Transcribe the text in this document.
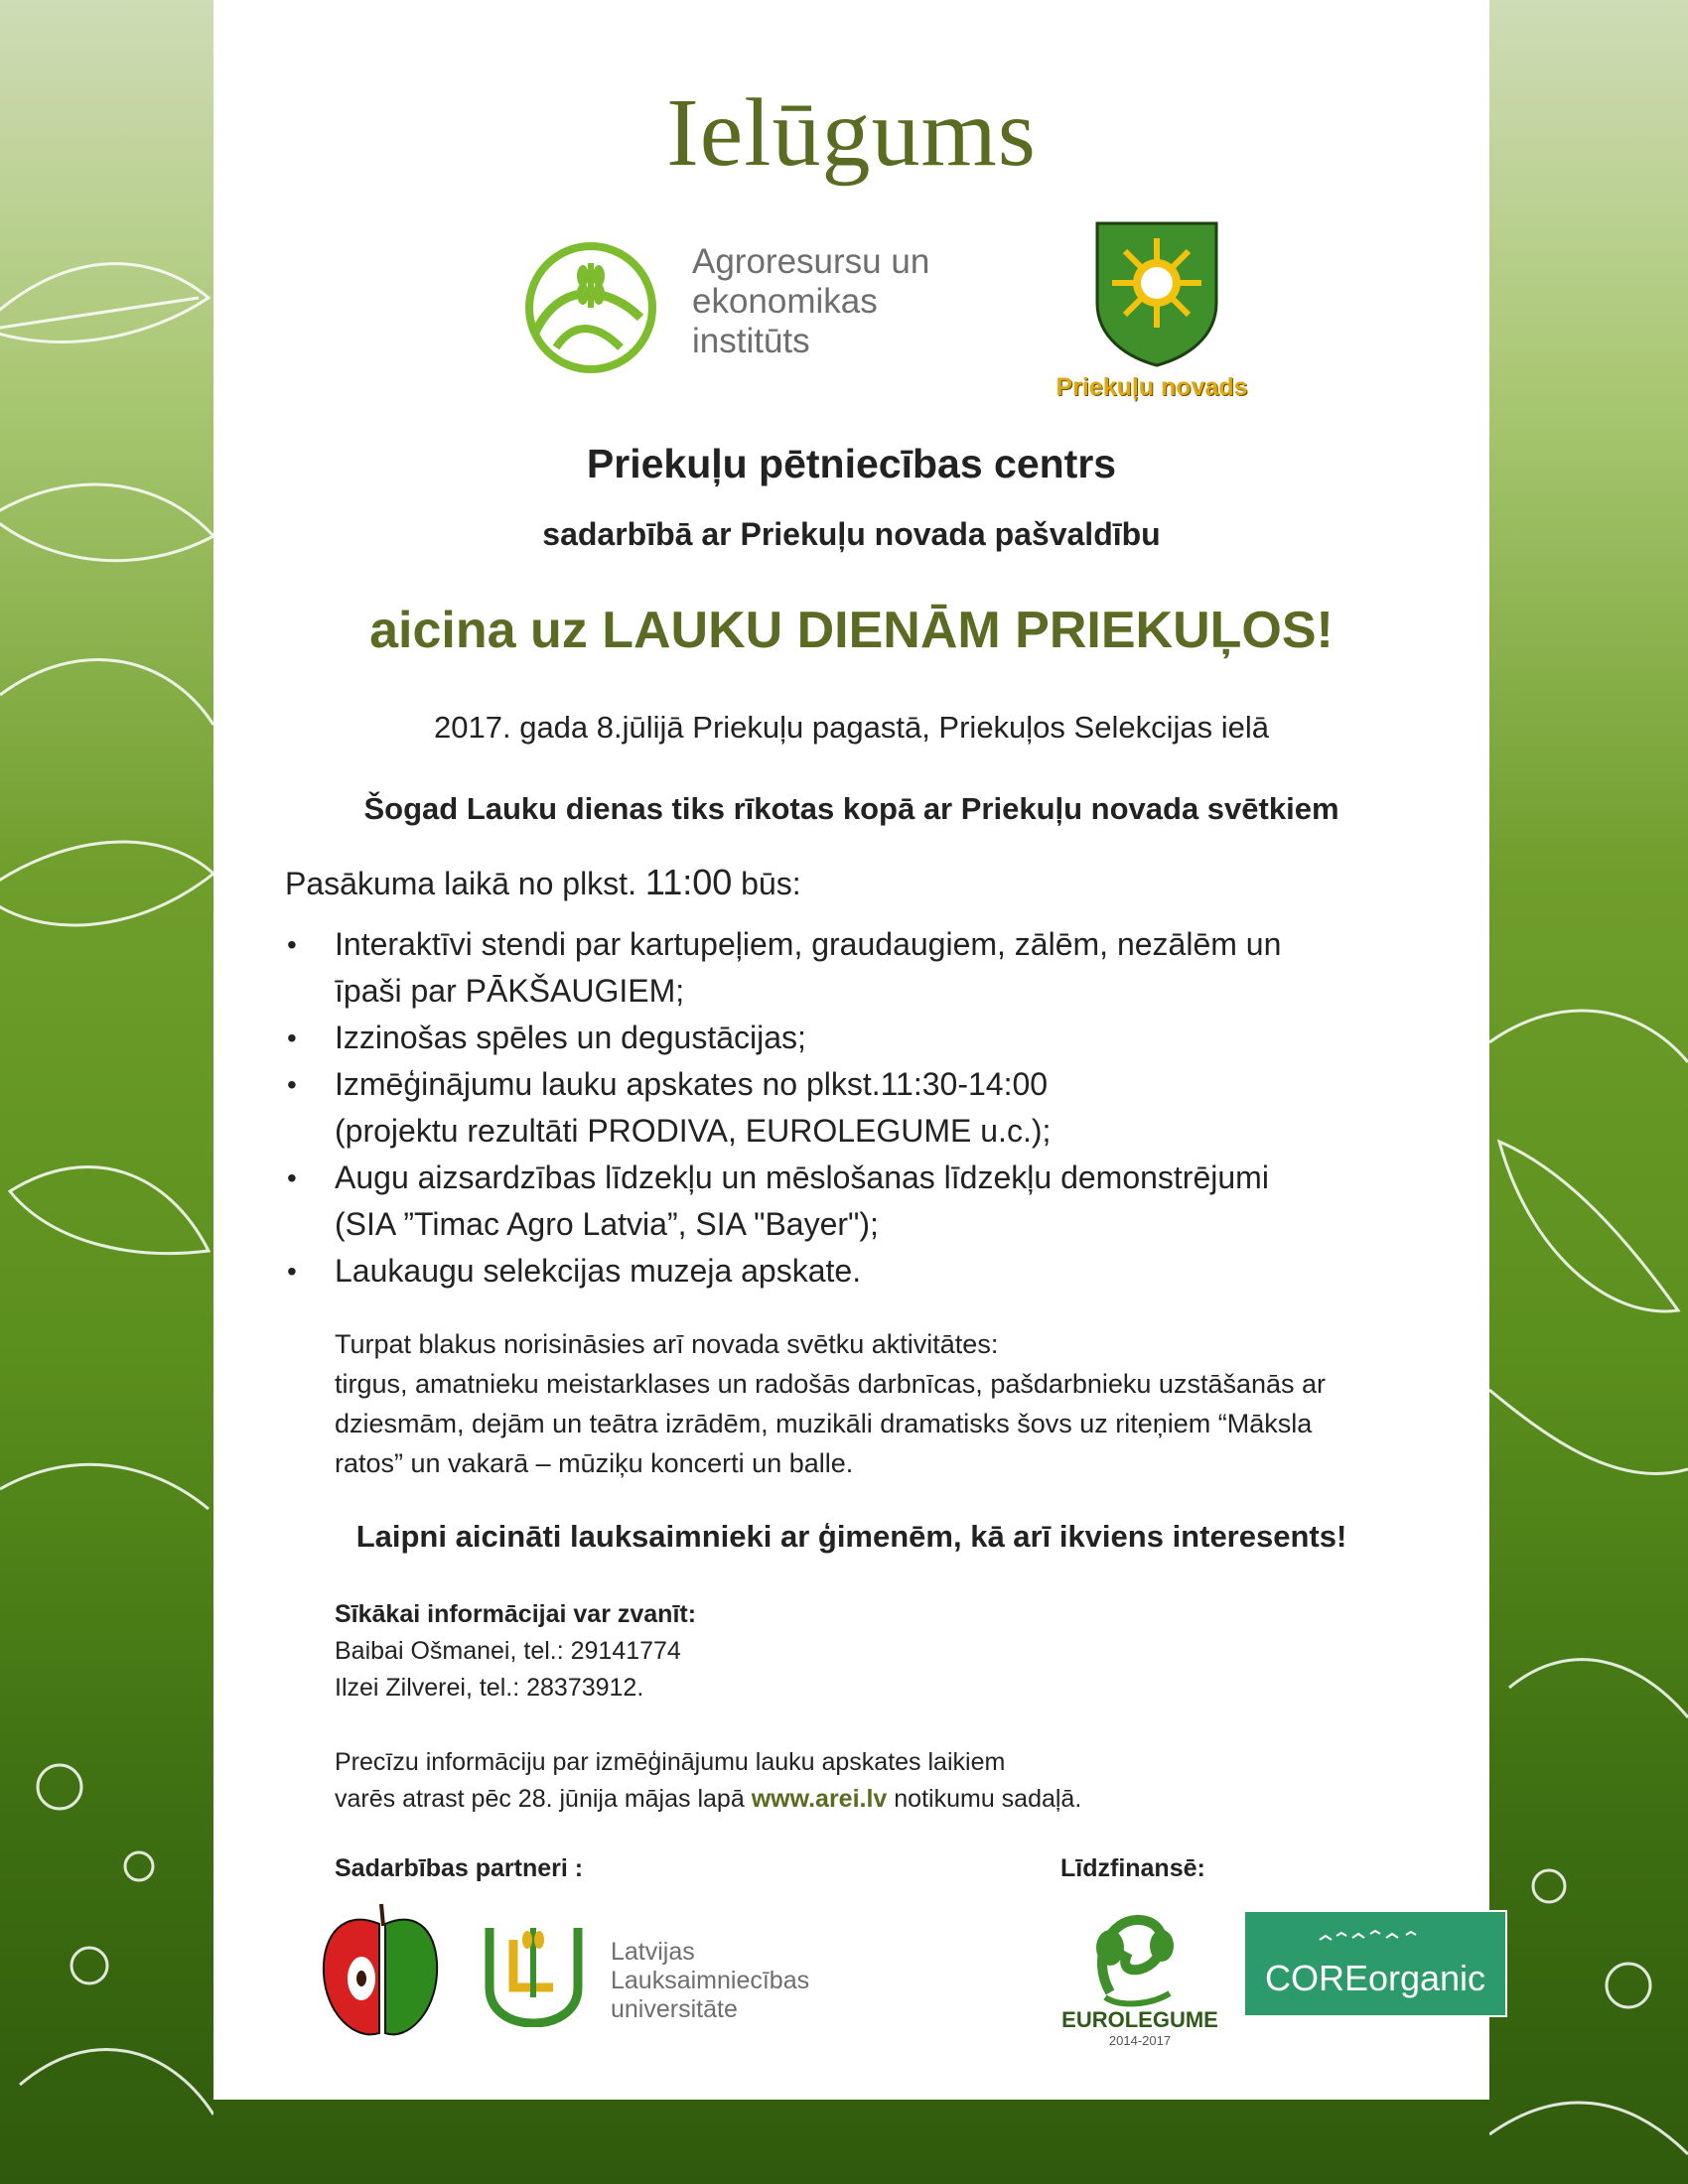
Ielūgums
Agroresursu un
ekonomikas
institūts
Priekuļu novads
Priekuļu pētniecības centrs
sadarbībā ar Priekuļu novada pašvaldību
aicina uz LAUKU DIENĀM PRIEKUĻOS!
2017. gada 8.jūlijā Priekuļu pagastā, Priekuļos Selekcijas ielā
Šogad Lauku dienas tiks rīkotas kopā ar Priekuļu novada svētkiem
Pasākuma laikā no plkst. 11:00 būs:
• Interaktīvi stendi par kartupeļiem, graudaugiem, zālēm, nezālēm un
īpaši par PĀKŠAUGIEM;
• Izzinošas spēles un degustācijas;
• Izmēģinājumu lauku apskates no plkst.11:30-14:00
(projektu rezultāti PRODIVA, EUROLEGUME u.c.);
• Augu aizsardzības līdzekļu un mēslošanas līdzekļu demonstrējumi
(SIA ”Timac Agro Latvia”, SIA "Bayer");
• Laukaugu selekcijas muzeja apskate.
Turpat blakus norisināsies arī novada svētku aktivitātes:
tirgus, amatnieku meistarklases un radošās darbnīcas, pašdarbnieku uzstāšanās ar
dziesmām, dejām un teātra izrādēm, muzikāli dramatisks šovs uz riteņiem “Māksla
ratos” un vakarā – mūziķu koncerti un balle.
Laipni aicināti lauksaimnieki ar ģimenēm, kā arī ikviens interesents!
Sīkākai informācijai var zvanīt:
Baibai Ošmanei, tel.: 29141774
Ilzei Zilverei, tel.: 28373912.
Precīzu informāciju par izmēģinājumu lauku apskates laikiem
varēs atrast pēc 28. jūnija mājas lapā www.arei.lv notikumu sadaļā.
Sadarbības partneri :	Līdzfinansē:
Latvijas
Lauksaimniecības
universitāte	EUROLEGUME
2014-2017
COREorganic
